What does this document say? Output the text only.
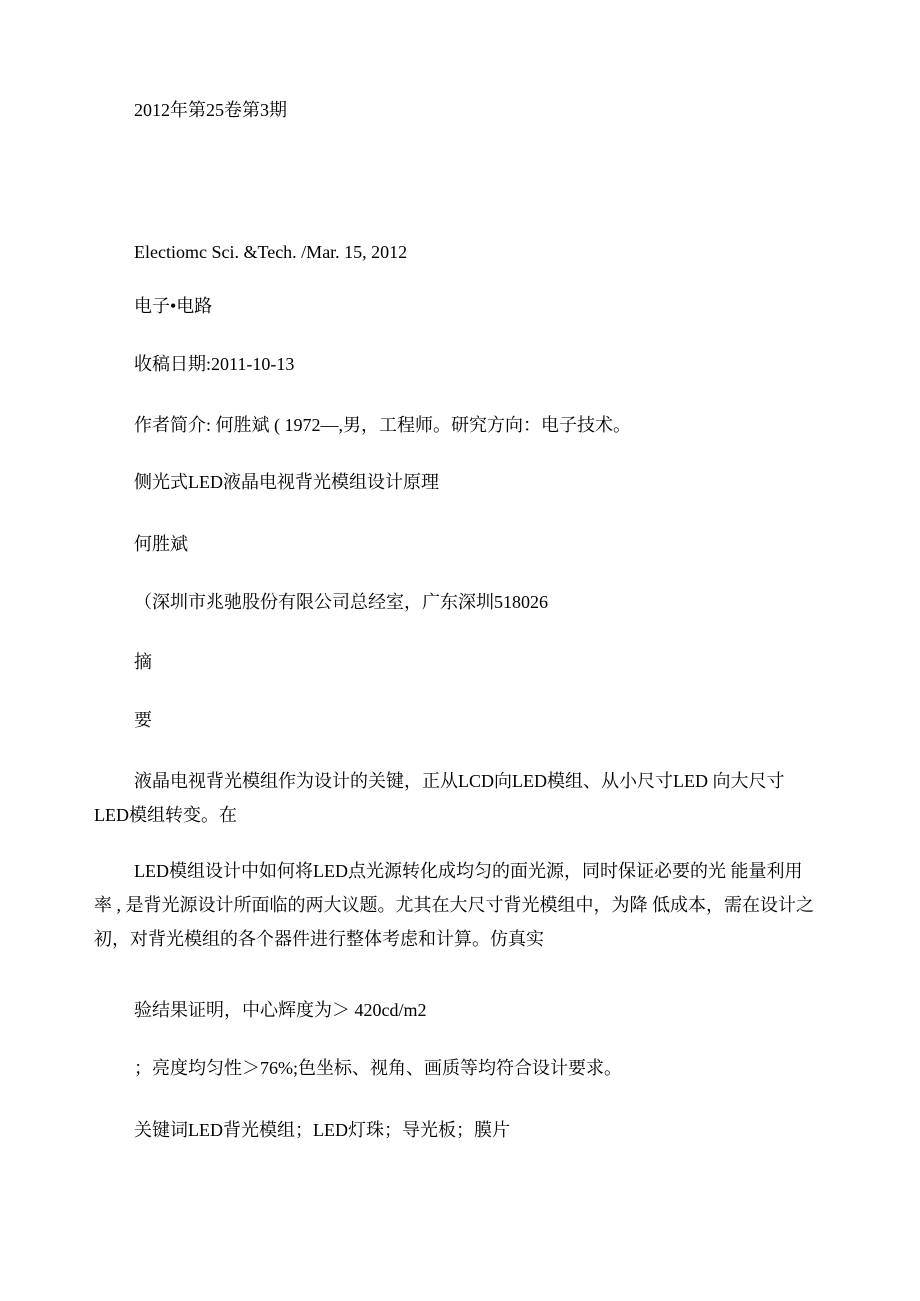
2012年第25卷第3期
Electiomc Sci. &Tech. /Mar. 15, 2012
电子•电路
收稿日期:2011-10-13
作者简介: 何胜斌 ( 1972—,男，工程师。研究方向：电子技术。
侧光式LED液晶电视背光模组设计原理
何胜斌
（深圳市兆驰股份有限公司总经室，广东深圳518026
摘
要
液晶电视背光模组作为设计的关键，正从LCD向LED模组、从小尺寸LED 向大尺寸LED模组转变。在
LED模组设计中如何将LED点光源转化成均匀的面光源，同时保证必要的光 能量利用率 , 是背光源设计所面临的两大议题。尤其在大尺寸背光模组中，为降 低成本，需在设计之初，对背光模组的各个器件进行整体考虑和计算。仿真实
验结果证明，中心辉度为＞ 420cd/m2
；亮度均匀性＞76%;色坐标、视角、画质等均符合设计要求。
关键词LED背光模组；LED灯珠；导光板；膜片
